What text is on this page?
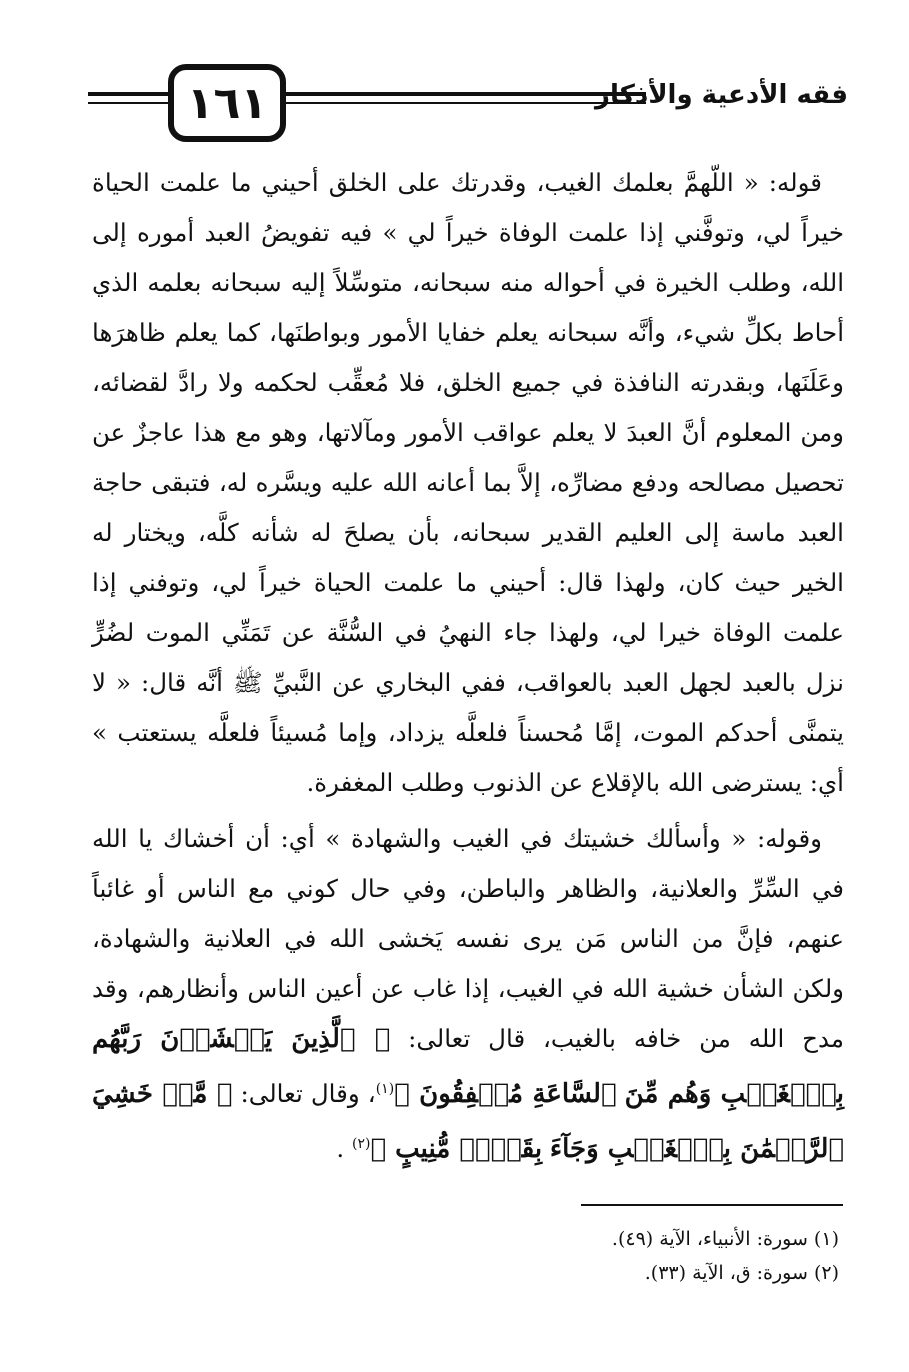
١٦١	فقه الأدعية والأذكار

قوله: « اللّهمَّ بعلمك الغيب، وقدرتك على الخلق أحيني ما علمت الحياة خيراً لي، وتوفَّني إذا علمت الوفاة خيراً لي » فيه تفويضُ العبد أموره إلى الله، وطلب الخيرة في أحواله منه سبحانه، متوسِّلاً إليه سبحانه بعلمه الذي أحاط بكلِّ شيء، وأنَّه سبحانه يعلم خفايا الأمور وبواطنَها، كما يعلم ظاهرَها وعَلَنَها، وبقدرته النافذة في جميع الخلق، فلا مُعقِّب لحكمه ولا رادَّ لقضائه، ومن المعلوم أنَّ العبدَ لا يعلم عواقب الأمور ومآلاتها، وهو مع هذا عاجزٌ عن تحصيل مصالحه ودفع مضارِّه، إلاَّ بما أعانه الله عليه ويسَّره له، فتبقى حاجة العبد ماسة إلى العليم القدير سبحانه، بأن يصلحَ له شأنه كلَّه، ويختار له الخير حيث كان، ولهذا قال: أحيني ما علمت الحياة خيراً لي، وتوفني إذا علمت الوفاة خيرا لي، ولهذا جاء النهيُ في السُّنَّة عن تَمَنِّي الموت لضُرٍّ نزل بالعبد لجهل العبد بالعواقب، ففي البخاري عن النَّبيِّ ﷺ أنَّه قال: « لا يتمنَّى أحدكم الموت، إمَّا مُحسناً فلعلَّه يزداد، وإما مُسيئاً فلعلَّه يستعتب » أي: يسترضى الله بالإقلاع عن الذنوب وطلب المغفرة.

وقوله: « وأسألك خشيتك في الغيب والشهادة » أي: أن أخشاك يا الله في السِّرِّ والعلانية، والظاهر والباطن، وفي حال كوني مع الناس أو غائباً عنهم، فإنَّ من الناس مَن يرى نفسه يَخشى الله في العلانية والشهادة، ولكن الشأن خشية الله في الغيب، إذا غاب عن أعين الناس وأنظارهم، وقد مدح الله من خافه بالغيب، قال تعالى: ﴿ ٱلَّذِينَ يَخۡشَوۡنَ رَبَّهُم بِٱلۡغَيۡبِ وَهُم مِّنَ ٱلسَّاعَةِ مُشۡفِقُونَ ﴾$^{(١)}$، وقال تعالى: ﴿ مَّنۡ خَشِيَ ٱلرَّحۡمَٰنَ بِٱلۡغَيۡبِ وَجَآءَ بِقَلۡبٖ مُّنِيبٍ ﴾$^{(٢)}$ .

(١) سورة: الأنبياء، الآية (٤٩).
(٢) سورة: ق، الآية (٣٣).
